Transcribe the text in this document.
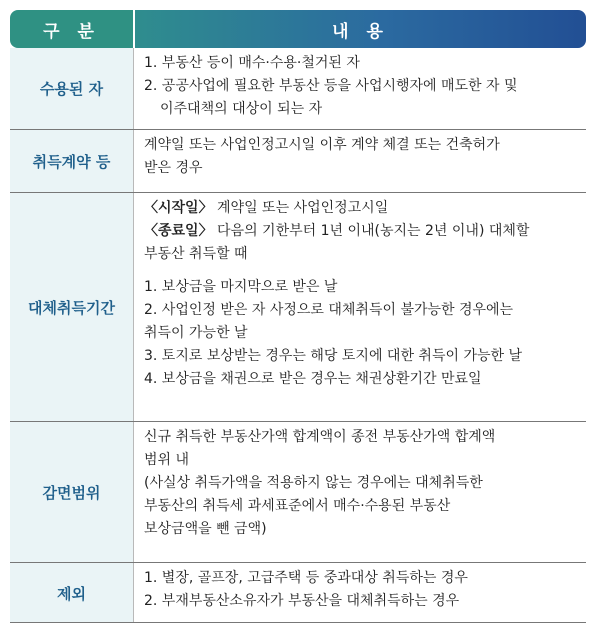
구 분	내 용
수용된 자
1. 부동산 등이 매수·수용·철거된 자
2. 공공사업에 필요한 부동산 등을 사업시행자에 매도한 자 및
이주대책의 대상이 되는 자
취득계약 등
계약일 또는 사업인정고시일 이후 계약 체결 또는 건축허가
받은 경우
대체취득기간
〈시작일〉 계약일 또는 사업인정고시일
〈종료일〉 다음의 기한부터 1년 이내(농지는 2년 이내) 대체할
부동산 취득할 때
1. 보상금을 마지막으로 받은 날
2. 사업인정 받은 자 사정으로 대체취득이 불가능한 경우에는
취득이 가능한 날
3. 토지로 보상받는 경우는 해당 토지에 대한 취득이 가능한 날
4. 보상금을 채권으로 받은 경우는 채권상환기간 만료일
감면범위
신규 취득한 부동산가액 합계액이 종전 부동산가액 합계액
범위 내
(사실상 취득가액을 적용하지 않는 경우에는 대체취득한
부동산의 취득세 과세표준에서 매수·수용된 부동산
보상금액을 뺀 금액)
제외
1. 별장, 골프장, 고급주택 등 중과대상 취득하는 경우
2. 부재부동산소유자가 부동산을 대체취득하는 경우
